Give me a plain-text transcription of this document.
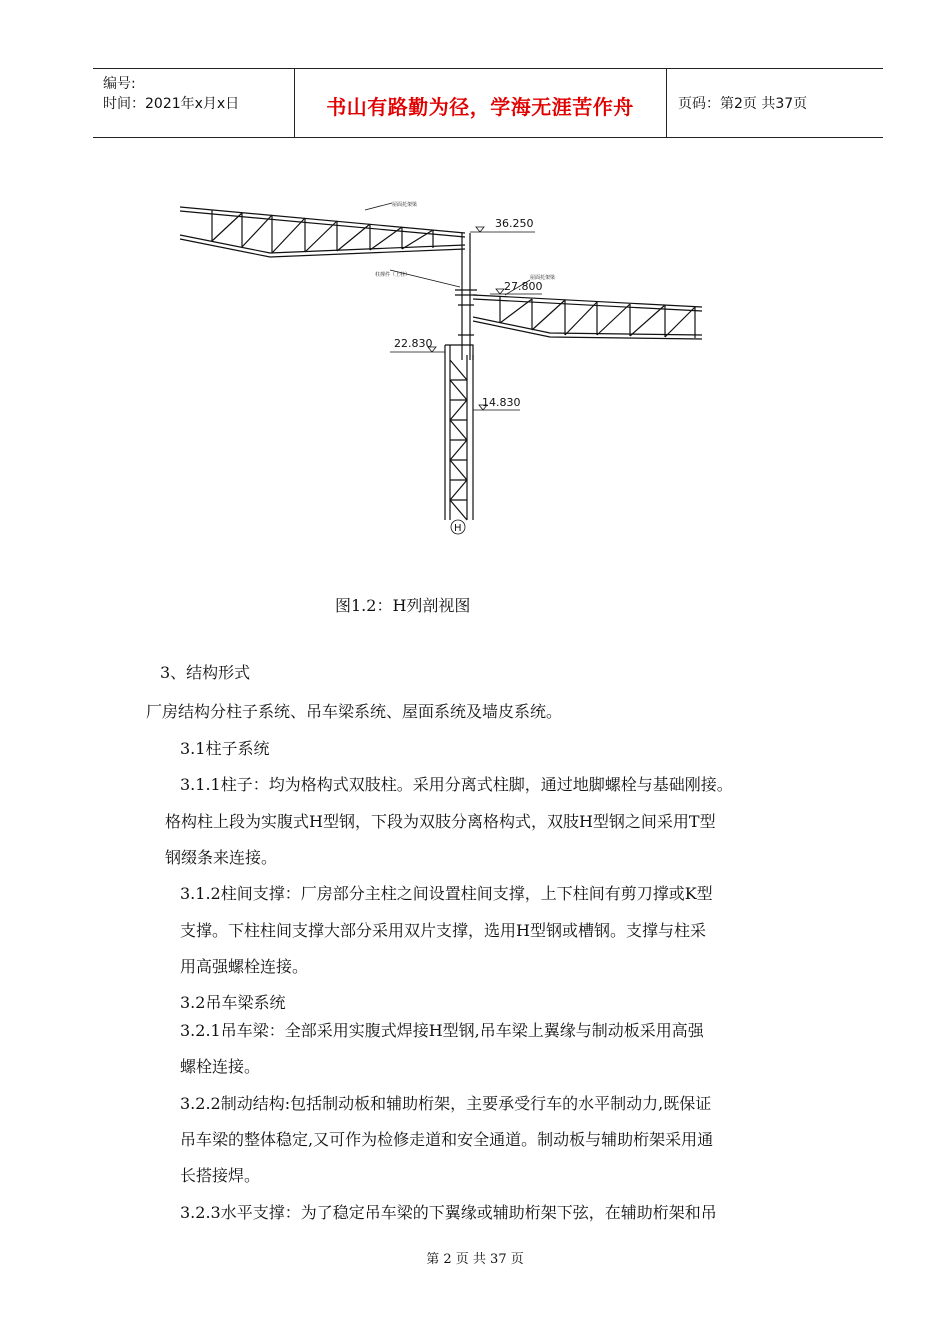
编号:
时间：2021年x月x日	书山有路勤为径，学海无涯苦作舟	页码：第2页 共37页
36.250
27.800
22.830
14.830
H
屋面托架梁
柱撑件（上柱）	屋面托架梁
图1.2：H列剖视图
3、结构形式
厂房结构分柱子系统、吊车梁系统、屋面系统及墙皮系统。
3.1柱子系统
3.1.1柱子：均为格构式双肢柱。采用分离式柱脚，通过地脚螺栓与基础刚接。
格构柱上段为实腹式H型钢，下段为双肢分离格构式，双肢H型钢之间采用T型
钢缀条来连接。
3.1.2柱间支撑：厂房部分主柱之间设置柱间支撑，上下柱间有剪刀撑或K型
支撑。下柱柱间支撑大部分采用双片支撑，选用H型钢或槽钢。支撑与柱采
用高强螺栓连接。
3.2吊车梁系统
3.2.1吊车梁：全部采用实腹式焊接H型钢,吊车梁上翼缘与制动板采用高强
螺栓连接。
3.2.2制动结构:包括制动板和辅助桁架，主要承受行车的水平制动力,既保证
吊车梁的整体稳定,又可作为检修走道和安全通道。制动板与辅助桁架采用通
长搭接焊。
3.2.3水平支撑：为了稳定吊车梁的下翼缘或辅助桁架下弦，在辅助桁架和吊
第 2 页 共 37 页
